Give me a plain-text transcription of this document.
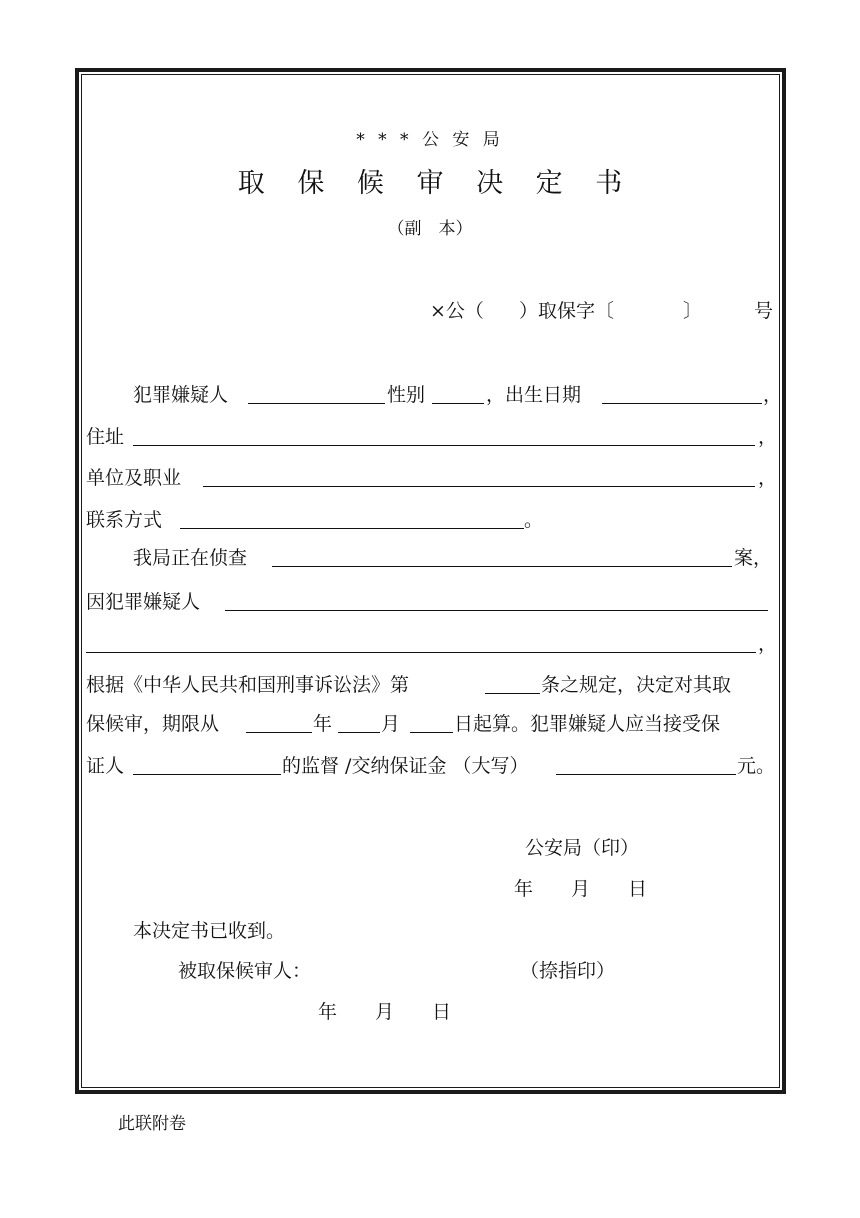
* * * 公 安 局
取 保 候 审 决 定 书
（副　本）
×公（ ）取保字〔	〕	号
犯罪嫌疑人	性别	，出生日期	，
住址	，
单位及职业	，
联系方式	。
我局正在侦查	案，
因犯罪嫌疑人
，
根据《中华人民共和国刑事诉讼法》第	条之规定，决定对其取
保候审，期限从	年	月	日起算。犯罪嫌疑人应当接受保
证人	的监督 /交纳保证金 （大写）	元。
公安局（印）
年　　月　　日
本决定书已收到。
被取保候审人：	（捺指印）
年　　月　　日
此联附卷
